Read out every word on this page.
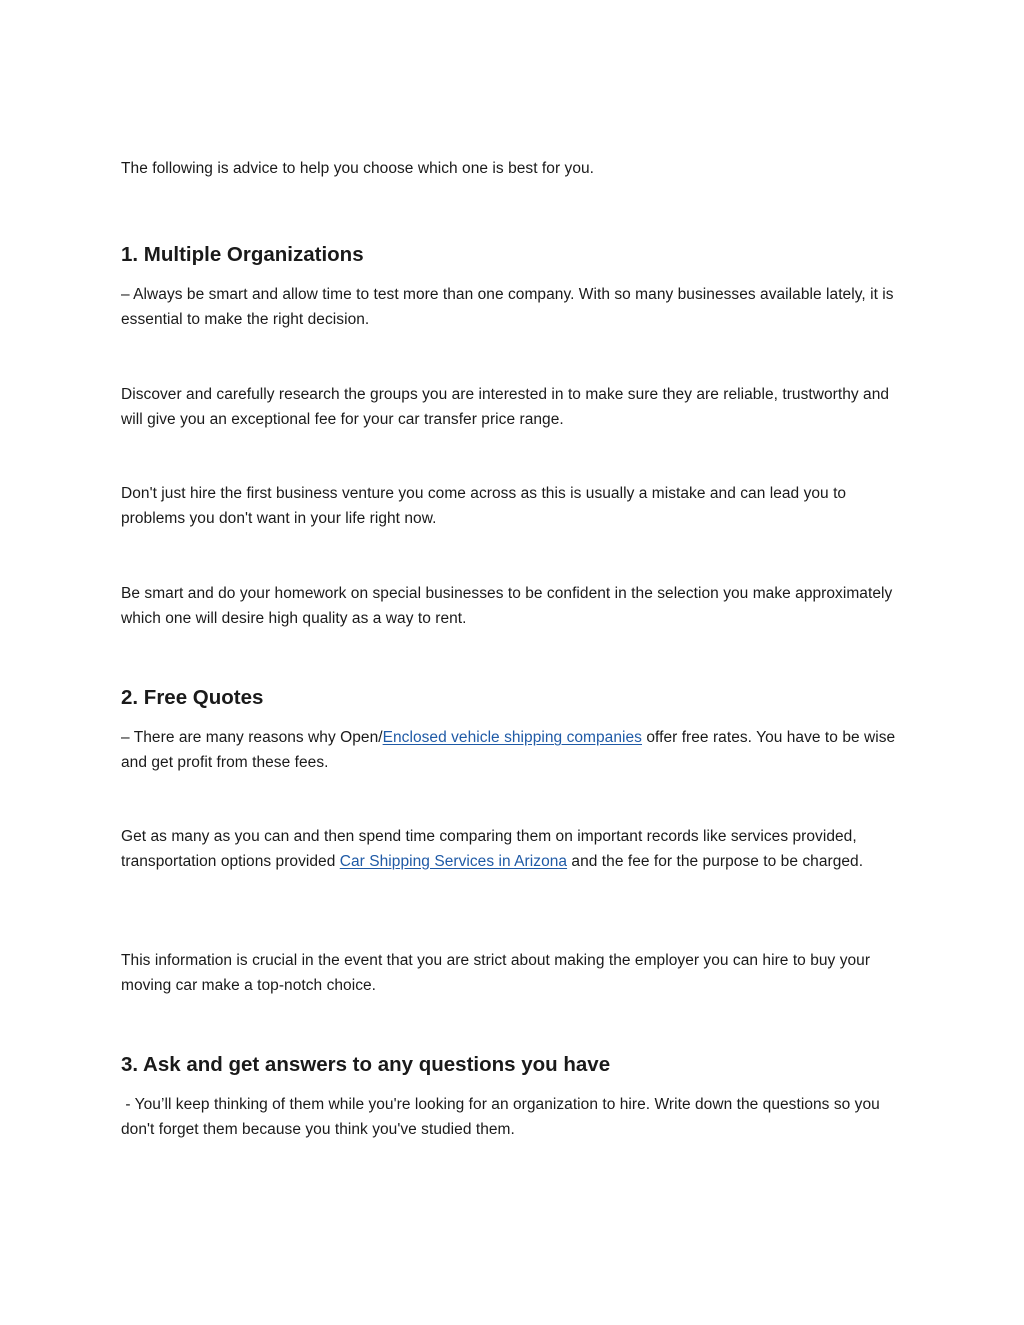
The following is advice to help you choose which one is best for you.

1. Multiple Organizations

– Always be smart and allow time to test more than one company. With so many businesses available lately, it is essential to make the right decision.

Discover and carefully research the groups you are interested in to make sure they are reliable, trustworthy and will give you an exceptional fee for your car transfer price range.

Don't just hire the first business venture you come across as this is usually a mistake and can lead you to problems you don't want in your life right now.

Be smart and do your homework on special businesses to be confident in the selection you make approximately which one will desire high quality as a way to rent.

2. Free Quotes

– There are many reasons why Open/Enclosed vehicle shipping companies offer free rates. You have to be wise and get profit from these fees.

Get as many as you can and then spend time comparing them on important records like services provided, transportation options provided Car Shipping Services in Arizona and the fee for the purpose to be charged.

This information is crucial in the event that you are strict about making the employer you can hire to buy your moving car make a top-notch choice.

3. Ask and get answers to any questions you have

- You’ll keep thinking of them while you're looking for an organization to hire. Write down the questions so you don't forget them because you think you've studied them.
